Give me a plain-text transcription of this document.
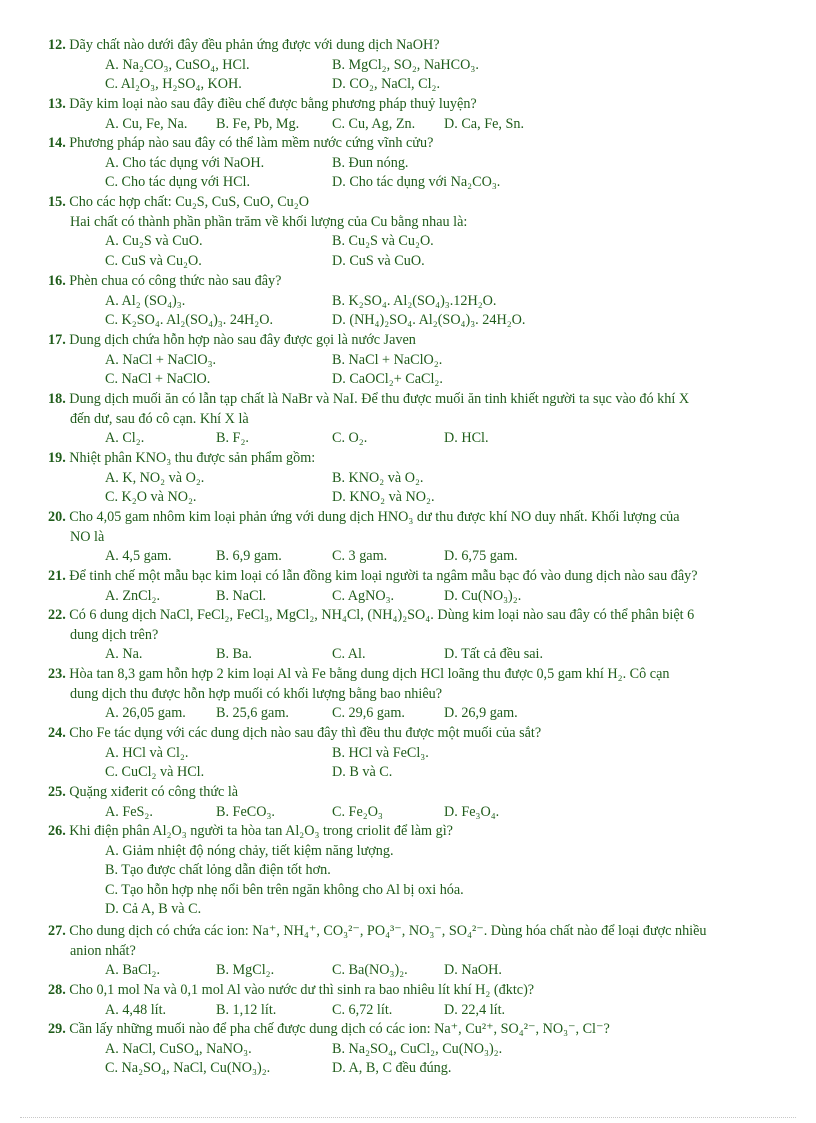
12. Dãy chất nào dưới đây đều phản ứng được với dung dịch NaOH?
A. Na₂CO₃, CuSO₄, HCl.	B. MgCl₂, SO₂, NaHCO₃.
C. Al₂O₃, H₂SO₄, KOH.	D. CO₂, NaCl, Cl₂.
13. Dãy kim loại nào sau đây điều chế được bằng phương pháp thuỷ luyện?
A. Cu, Fe, Na. B. Fe, Pb, Mg. C. Cu, Ag, Zn. D. Ca, Fe, Sn.
14. Phương pháp nào sau đây có thể làm mềm nước cứng vĩnh cửu?
A. Cho tác dụng với NaOH.	B. Đun nóng.
C. Cho tác dụng với HCl.	D. Cho tác dụng với Na₂CO₃.
15. Cho các hợp chất: Cu₂S, CuS, CuO, Cu₂O
Hai chất có thành phần phần trăm về khối lượng của Cu bằng nhau là:
A. Cu₂S và CuO.	B. Cu₂S và Cu₂O.
C. CuS và Cu₂O.	D. CuS và CuO.
16. Phèn chua có công thức nào sau đây?
A. Al₂ (SO₄)₃.	B. K₂SO₄. Al₂(SO₄)₃.12H₂O.
C. K₂SO₄. Al₂(SO₄)₃. 24H₂O.	D. (NH₄)₂SO₄. Al₂(SO₄)₃. 24H₂O.
17. Dung dịch chứa hỗn hợp nào sau đây được gọi là nước Javen
A. NaCl + NaClO₃.	B. NaCl + NaClO₂.
C. NaCl + NaClO.	D. CaOCl₂+ CaCl₂.
18. Dung dịch muối ăn có lẫn tạp chất là NaBr và NaI. Để thu được muối ăn tinh khiết người ta sục vào đó khí X
đến dư, sau đó cô cạn. Khí X là
A. Cl₂.	B. F₂.	C. O₂.	D. HCl.
19. Nhiệt phân KNO₃ thu được sản phẩm gồm:
A. K, NO₂ và O₂.	B. KNO₂ và O₂.
C. K₂O và NO₂.	D. KNO₂ và NO₂.
20. Cho 4,05 gam nhôm kim loại phản ứng với dung dịch HNO₃ dư thu được khí NO duy nhất. Khối lượng của
NO là
A. 4,5 gam.	B. 6,9 gam.	C. 3 gam.	D. 6,75 gam.
21. Để tinh chế một mẫu bạc kim loại có lẫn đồng kim loại người ta ngâm mẫu bạc đó vào dung dịch nào sau đây?
A. ZnCl₂.	B. NaCl.	C. AgNO₃.	D. Cu(NO₃)₂.
22. Có 6 dung dịch NaCl, FeCl₂, FeCl₃, MgCl₂, NH₄Cl, (NH₄)₂SO₄. Dùng kim loại nào sau đây có thể phân biệt 6
dung dịch trên?
A. Na.	B. Ba.	C. Al.	D. Tất cả đều sai.
23. Hòa tan 8,3 gam hỗn hợp 2 kim loại Al và Fe bằng dung dịch HCl loãng thu được 0,5 gam khí H₂. Cô cạn
dung dịch thu được hỗn hợp muối có khối lượng bằng bao nhiêu?
A. 26,05 gam. B. 25,6 gam.	C. 29,6 gam.	D. 26,9 gam.
24. Cho Fe tác dụng với các dung dịch nào sau đây thì đều thu được một muối của sắt?
A. HCl và Cl₂.	B. HCl và FeCl₃.
C. CuCl₂ và HCl.	D. B và C.
25. Quặng xiđerit có công thức là
A. FeS₂.	B. FeCO₃.	C. Fe₂O₃	D. Fe₃O₄.
26. Khi điện phân Al₂O₃ người ta hòa tan Al₂O₃ trong criolit để làm gì?
A. Giảm nhiệt độ nóng chảy, tiết kiệm năng lượng.
B. Tạo được chất lỏng dẫn điện tốt hơn.
C. Tạo hỗn hợp nhẹ nổi bên trên ngăn không cho Al bị oxi hóa.
D. Cả A, B và C.
27. Cho dung dịch có chứa các ion: Na⁺, NH₄⁺, CO₃²⁻, PO₄³⁻, NO₃⁻, SO₄²⁻. Dùng hóa chất nào để loại được nhiều
anion nhất?
A. BaCl₂.	B. MgCl₂.	C. Ba(NO₃)₂.	D. NaOH.
28. Cho 0,1 mol Na và 0,1 mol Al vào nước dư thì sinh ra bao nhiêu lít khí H₂ (đktc)?
A. 4,48 lít.	B. 1,12 lít.	C. 6,72 lít.	D. 22,4 lít.
29. Cần lấy những muối nào để pha chế được dung dịch có các ion: Na⁺, Cu²⁺, SO₄²⁻, NO₃⁻, Cl⁻?
A. NaCl, CuSO₄, NaNO₃.	B. Na₂SO₄, CuCl₂, Cu(NO₃)₂.
C. Na₂SO₄, NaCl, Cu(NO₃)₂.	D. A, B, C đều đúng.
